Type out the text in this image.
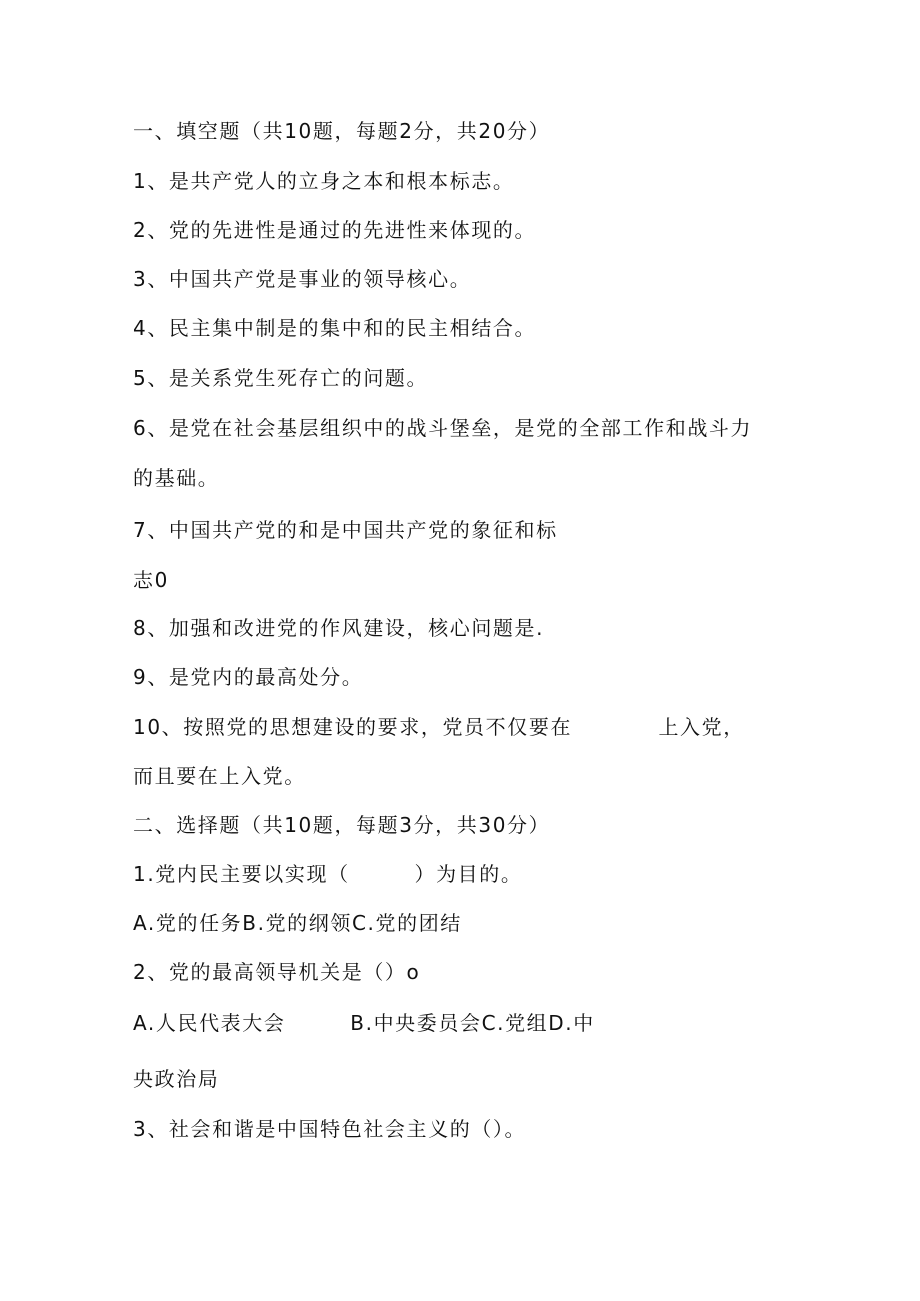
一、填空题（共10题，每题2分，共20分）
1、是共产党人的立身之本和根本标志。
2、党的先进性是通过的先进性来体现的。
3、中国共产党是事业的领导核心。
4、民主集中制是的集中和的民主相结合。
5、是关系党生死存亡的问题。
6、是党在社会基层组织中的战斗堡垒，是党的全部工作和战斗力
的基础。
7、中国共产党的和是中国共产党的象征和标
志0
8、加强和改进党的作风建设，核心问题是.
9、是党内的最高处分。
10、按照党的思想建设的要求，党员不仅要在　　　　上入党，
而且要在上入党。
二、选择题（共10题，每题3分，共30分）
1.党内民主要以实现（　　　）为目的。
A.党的任务B.党的纲领C.党的团结
2、党的最高领导机关是（）o
A.人民代表大会　　　B.中央委员会C.党组D.中
央政治局
3、社会和谐是中国特色社会主义的（）。
